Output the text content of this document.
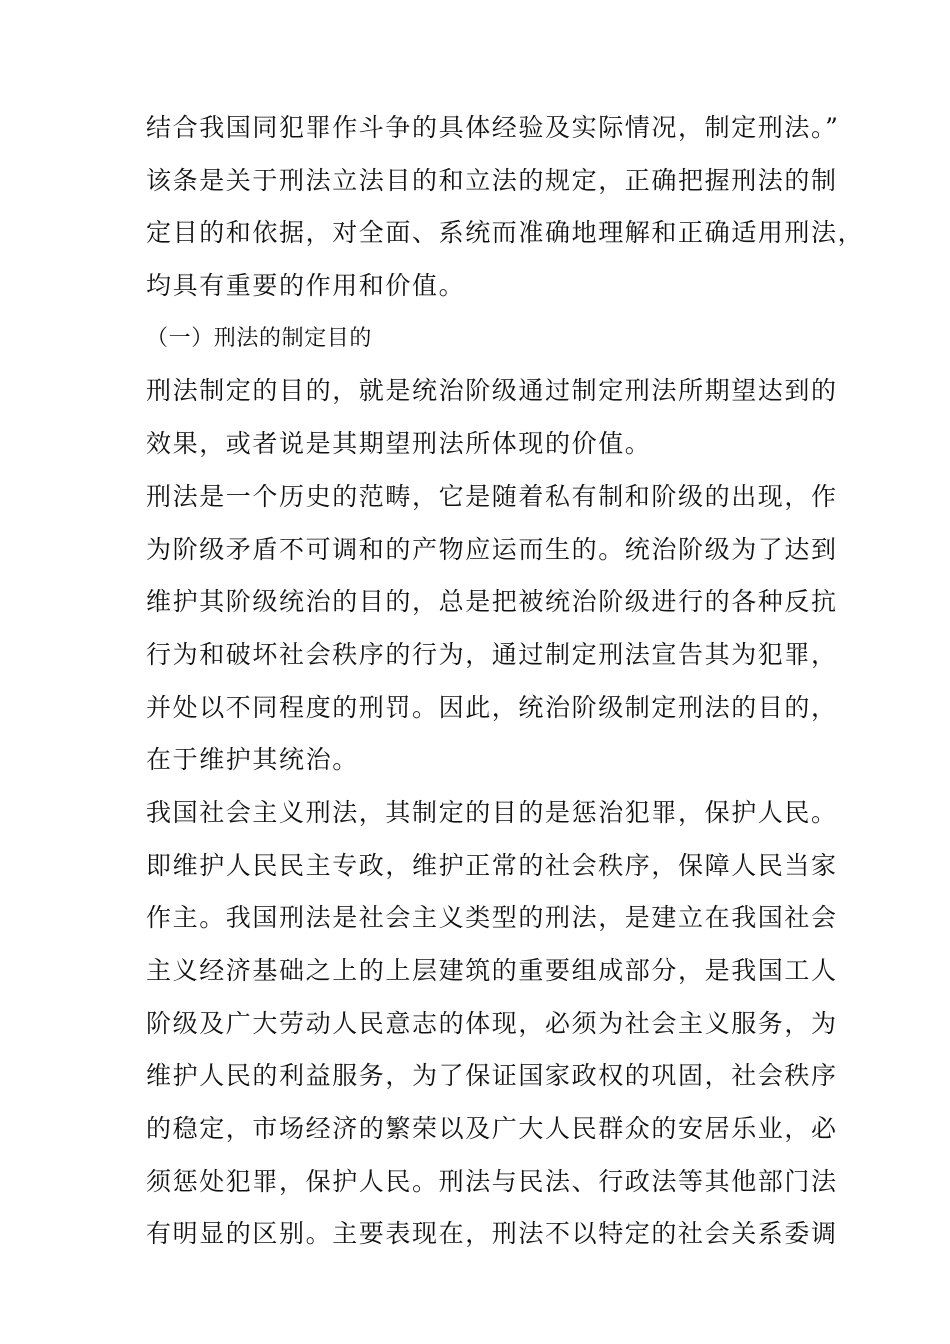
结合我国同犯罪作斗争的具体经验及实际情况，制定刑法。”
该条是关于刑法立法目的和立法的规定，正确把握刑法的制
定目的和依据，对全面、系统而准确地理解和正确适用刑法，
均具有重要的作用和价值。
（一）刑法的制定目的
刑法制定的目的，就是统治阶级通过制定刑法所期望达到的
效果，或者说是其期望刑法所体现的价值。
刑法是一个历史的范畴，它是随着私有制和阶级的出现，作
为阶级矛盾不可调和的产物应运而生的。统治阶级为了达到
维护其阶级统治的目的，总是把被统治阶级进行的各种反抗
行为和破坏社会秩序的行为，通过制定刑法宣告其为犯罪，
并处以不同程度的刑罚。因此，统治阶级制定刑法的目的，
在于维护其统治。
我国社会主义刑法，其制定的目的是惩治犯罪，保护人民。
即维护人民民主专政，维护正常的社会秩序，保障人民当家
作主。我国刑法是社会主义类型的刑法，是建立在我国社会
主义经济基础之上的上层建筑的重要组成部分，是我国工人
阶级及广大劳动人民意志的体现，必须为社会主义服务，为
维护人民的利益服务，为了保证国家政权的巩固，社会秩序
的稳定，市场经济的繁荣以及广大人民群众的安居乐业，必
须惩处犯罪，保护人民。刑法与民法、行政法等其他部门法
有明显的区别。主要表现在，刑法不以特定的社会关系委调
